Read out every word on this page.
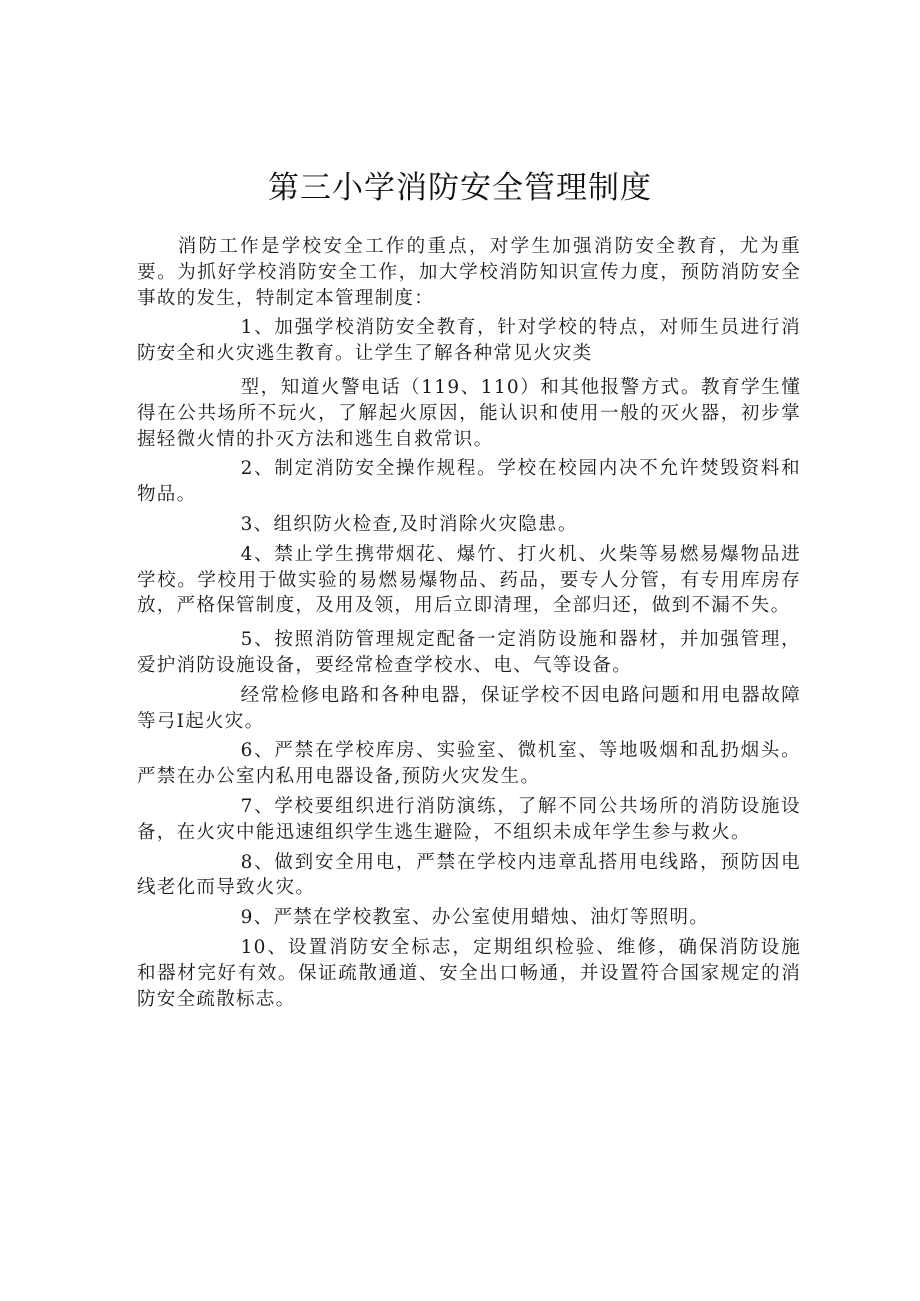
第三小学消防安全管理制度

消防工作是学校安全工作的重点，对学生加强消防安全教育，尤为重要。为抓好学校消防安全工作，加大学校消防知识宣传力度，预防消防安全事故的发生，特制定本管理制度：

1、加强学校消防安全教育，针对学校的特点，对师生员进行消防安全和火灾逃生教育。让学生了解各种常见火灾类

型，知道火警电话（119、110）和其他报警方式。教育学生懂得在公共场所不玩火，了解起火原因，能认识和使用一般的灭火器，初步掌握轻微火情的扑灭方法和逃生自救常识。

2、制定消防安全操作规程。学校在校园内决不允许焚毁资料和物品。

3、组织防火检查,及时消除火灾隐患。

4、禁止学生携带烟花、爆竹、打火机、火柴等易燃易爆物品进学校。学校用于做实验的易燃易爆物品、药品，要专人分管，有专用库房存放，严格保管制度，及用及领，用后立即清理，全部归还，做到不漏不失。

5、按照消防管理规定配备一定消防设施和器材，并加强管理，爱护消防设施设备，要经常检查学校水、电、气等设备。

经常检修电路和各种电器，保证学校不因电路问题和用电器故障等弓I起火灾。

6、严禁在学校库房、实验室、微机室、等地吸烟和乱扔烟头。严禁在办公室内私用电器设备,预防火灾发生。

7、学校要组织进行消防演练，了解不同公共场所的消防设施设备，在火灾中能迅速组织学生逃生避险，不组织未成年学生参与救火。

8、做到安全用电，严禁在学校内违章乱搭用电线路，预防因电线老化而导致火灾。

9、严禁在学校教室、办公室使用蜡烛、油灯等照明。

10、设置消防安全标志，定期组织检验、维修，确保消防设施和器材完好有效。保证疏散通道、安全出口畅通，并设置符合国家规定的消防安全疏散标志。
